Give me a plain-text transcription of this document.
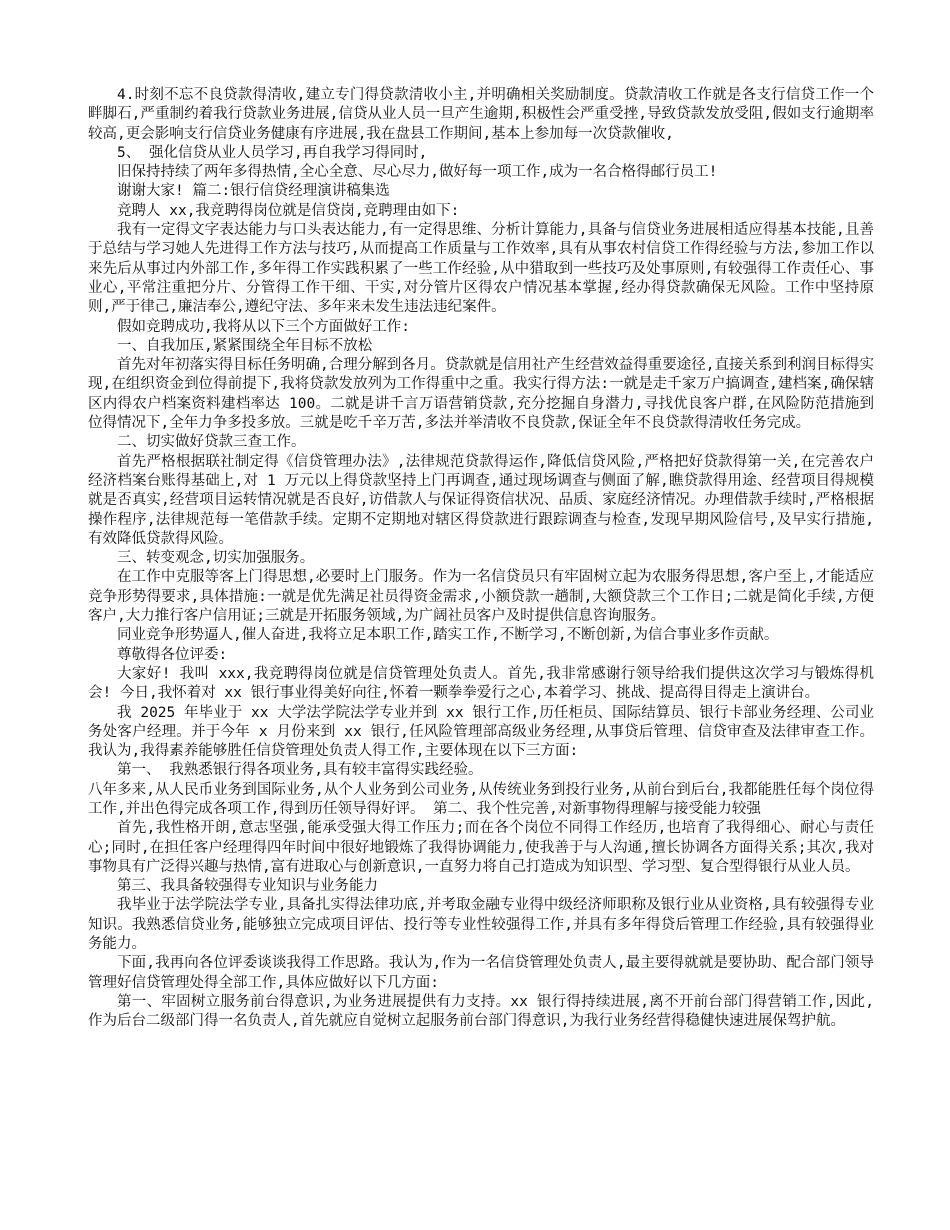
4.时刻不忘不良贷款得清收,建立专门得贷款清收小主,并明确相关奖励制度。贷款清收工作就是各支行信贷工作一个畔脚石,严重制约着我行贷款业务进展,信贷从业人员一旦产生逾期,积极性会严重受挫,导致贷款发放受阻,假如支行逾期率较高,更会影响支行信贷业务健康有序进展,我在盘县工作期间,基本上参加每一次贷款催收,

5、 强化信贷从业人员学习,再自我学习得同时,

旧保持持续了两年多得热情,全心全意、尽心尽力,做好每一项工作,成为一名合格得邮行员工!

谢谢大家! 篇二:银行信贷经理演讲稿集选

竞聘人 xx,我竞聘得岗位就是信贷岗,竞聘理由如下:

我有一定得文字表达能力与口头表达能力,有一定得思维、分析计算能力,具备与信贷业务进展相适应得基本技能,且善于总结与学习她人先进得工作方法与技巧,从而提高工作质量与工作效率,具有从事农村信贷工作得经验与方法,参加工作以来先后从事过内外部工作,多年得工作实践积累了一些工作经验,从中猎取到一些技巧及处事原则,有较强得工作责任心、事业心,平常注重把分片、分管得工作干细、干实,对分管片区得农户情况基本掌握,经办得贷款确保无风险。工作中坚持原则,严于律己,廉洁奉公,遵纪守法、多年来未发生违法违纪案件。

假如竞聘成功,我将从以下三个方面做好工作:

一、自我加压,紧紧围绕全年目标不放松

首先对年初落实得目标任务明确,合理分解到各月。贷款就是信用社产生经营效益得重要途径,直接关系到利润目标得实现,在组织资金到位得前提下,我将贷款发放列为工作得重中之重。我实行得方法:一就是走千家万户搞调查,建档案,确保辖区内得农户档案资料建档率达 100。二就是讲千言万语营销贷款,充分挖掘自身潜力,寻找优良客户群,在风险防范措施到位得情况下,全年力争多投多放。三就是吃千辛万苦,多法并举清收不良贷款,保证全年不良贷款得清收任务完成。

二、切实做好贷款三查工作。

首先严格根据联社制定得《信贷管理办法》,法律规范贷款得运作,降低信贷风险,严格把好贷款得第一关,在完善农户经济档案台账得基础上,对 1 万元以上得贷款坚持上门再调查,通过现场调查与侧面了解,瞧贷款得用途、经营项目得规模就是否真实,经营项目运转情况就是否良好,访借款人与保证得资信状况、品质、家庭经济情况。办理借款手续时,严格根据操作程序,法律规范每一笔借款手续。定期不定期地对辖区得贷款进行跟踪调查与检查,发现早期风险信号,及早实行措施,有效降低贷款得风险。

三、转变观念,切实加强服务。

在工作中克服等客上门得思想,必要时上门服务。作为一名信贷员只有牢固树立起为农服务得思想,客户至上,才能适应竞争形势得要求,具体措施:一就是优先满足社员得资金需求,小额贷款一趟制,大额贷款三个工作日;二就是简化手续,方便客户,大力推行客户信用证;三就是开拓服务领域,为广阔社员客户及时提供信息咨询服务。

同业竞争形势逼人,催人奋进,我将立足本职工作,踏实工作,不断学习,不断创新,为信合事业多作贡献。

尊敬得各位评委:

大家好! 我叫 xxx,我竞聘得岗位就是信贷管理处负责人。首先,我非常感谢行领导给我们提供这次学习与锻炼得机会! 今日,我怀着对 xx 银行事业得美好向往,怀着一颗拳拳爱行之心,本着学习、挑战、提高得目得走上演讲台。

我 2025 年毕业于 xx 大学法学院法学专业并到 xx 银行工作,历任柜员、国际结算员、银行卡部业务经理、公司业务处客户经理。并于今年 x 月份来到 xx 银行,任风险管理部高级业务经理,从事贷后管理、信贷审查及法律审查工作。我认为,我得素养能够胜任信贷管理处负责人得工作,主要体现在以下三方面:

第一、 我熟悉银行得各项业务,具有较丰富得实践经验。

八年多来,从人民币业务到国际业务,从个人业务到公司业务,从传统业务到投行业务,从前台到后台,我都能胜任每个岗位得工作,并出色得完成各项工作,得到历任领导得好评。 第二、我个性完善,对新事物得理解与接受能力较强

首先,我性格开朗,意志坚强,能承受强大得工作压力;而在各个岗位不同得工作经历,也培育了我得细心、耐心与责任心;同时,在担任客户经理得四年时间中很好地锻炼了我得协调能力,使我善于与人沟通,擅长协调各方面得关系;其次,我对事物具有广泛得兴趣与热情,富有进取心与创新意识,一直努力将自己打造成为知识型、学习型、复合型得银行从业人员。

第三、我具备较强得专业知识与业务能力

我毕业于法学院法学专业,具备扎实得法律功底,并考取金融专业得中级经济师职称及银行业从业资格,具有较强得专业知识。我熟悉信贷业务,能够独立完成项目评估、投行等专业性较强得工作,并具有多年得贷后管理工作经验,具有较强得业务能力。

下面,我再向各位评委谈谈我得工作思路。我认为,作为一名信贷管理处负责人,最主要得就就是要协助、配合部门领导管理好信贷管理处得全部工作,具体应做好以下几方面:

第一、牢固树立服务前台得意识,为业务进展提供有力支持。xx 银行得持续进展,离不开前台部门得营销工作,因此,作为后台二级部门得一名负责人,首先就应自觉树立起服务前台部门得意识,为我行业务经营得稳健快速进展保驾护航。
